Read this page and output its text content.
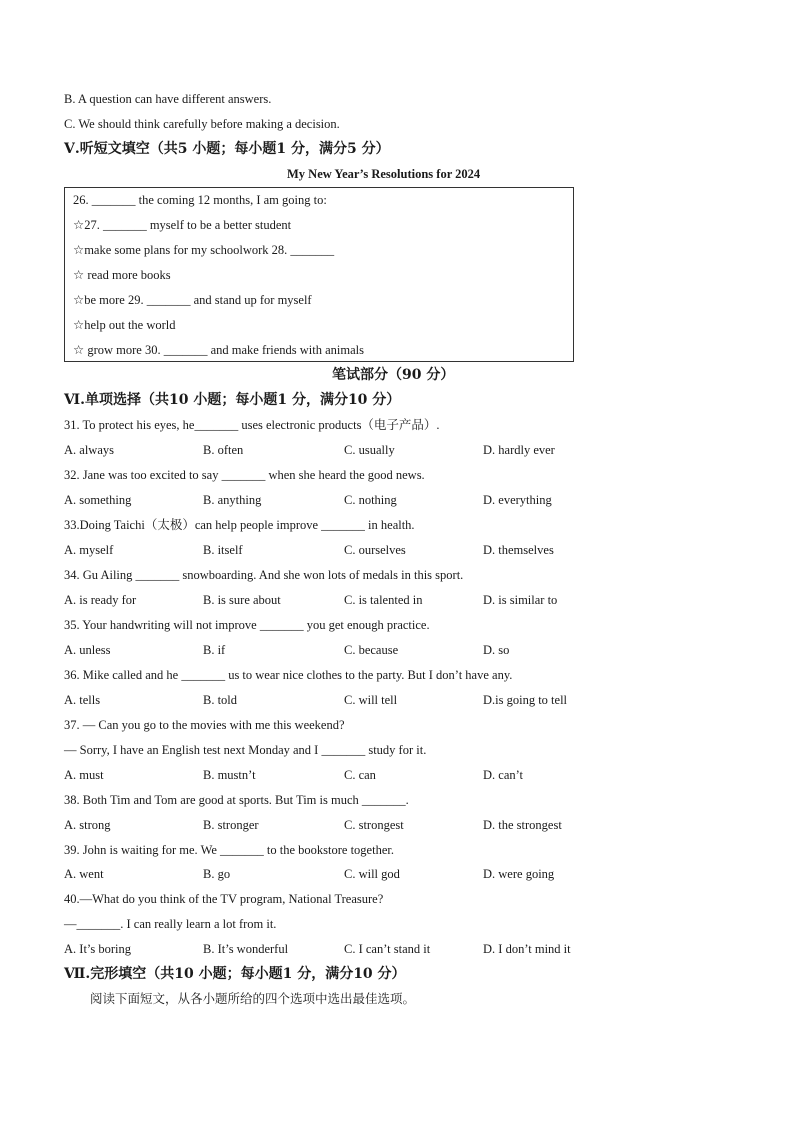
B. A question can have different answers.
C. We should think carefully before making a decision.
Ⅴ.听短文填空（共5 小题；每小题1 分，满分5 分）
My New Year’s Resolutions for 2024
26. _______ the coming 12 months, I am going to:
☆27. _______ myself to be a better student
☆make some plans for my schoolwork 28. _______
☆ read more books
☆be more 29. _______ and stand up for myself
☆help out the world
☆ grow more 30. _______ and make friends with animals
笔试部分（90 分）
Ⅵ.单项选择（共10 小题；每小题1 分，满分10 分）
31. To protect his eyes, he_______ uses electronic products（电子产品）.
A. always	B. often	C. usually	D. hardly ever
32. Jane was too excited to say _______ when she heard the good news.
A. something	B. anything	C. nothing	D. everything
33.Doing Taichi（太极）can help people improve _______ in health.
A. myself	B. itself	C. ourselves	D. themselves
34. Gu Ailing _______ snowboarding. And she won lots of medals in this sport.
A. is ready for	B. is sure about	C. is talented in	D. is similar to
35. Your handwriting will not improve _______ you get enough practice.
A. unless	B. if	C. because	D. so
36. Mike called and he _______ us to wear nice clothes to the party. But I don’t have any.
A. tells	B. told	C. will tell	D.is going to tell
37. — Can you go to the movies with me this weekend?
— Sorry, I have an English test next Monday and I _______ study for it.
A. must	B. mustn’t	C. can	D. can’t
38. Both Tim and Tom are good at sports. But Tim is much _______.
A. strong	B. stronger	C. strongest	D. the strongest
39. John is waiting for me. We _______ to the bookstore together.
A. went	B. go	C. will god	D. were going
40.—What do you think of the TV program, National Treasure?
—_______. I can really learn a lot from it.
A. It’s boring	B. It’s wonderful	C. I can’t stand it	D. I don’t mind it
Ⅶ.完形填空（共10 小题；每小题1 分，满分10 分）
阅读下面短文，从各小题所给的四个选项中选出最佳选项。
